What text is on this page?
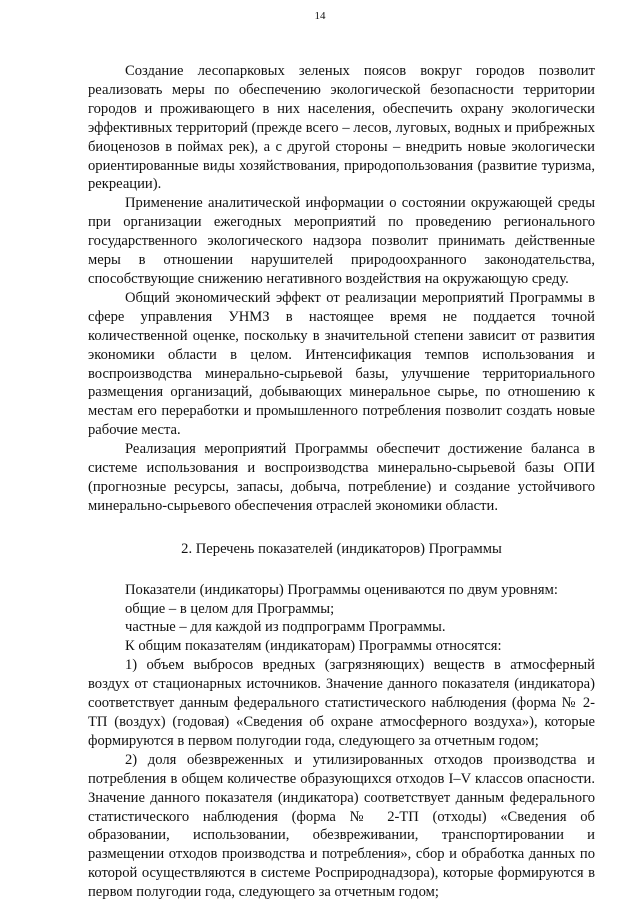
14

Создание лесопарковых зеленых поясов вокруг городов позволит реализовать меры по обеспечению экологической безопасности территории городов и проживающего в них населения, обеспечить охрану экологически эффективных территорий (прежде всего – лесов, луговых, водных и прибрежных биоценозов в поймах рек), а с другой стороны – внедрить новые экологически ориентированные виды хозяйствования, природопользования (развитие туризма, рекреации).

Применение аналитической информации о состоянии окружающей среды при организации ежегодных мероприятий по проведению регионального государственного экологического надзора позволит принимать действенные меры в отношении нарушителей природоохранного законодательства, способствующие снижению негативного воздействия на окружающую среду.

Общий экономический эффект от реализации мероприятий Программы в сфере управления УНМЗ в настоящее время не поддается точной количественной оценке, поскольку в значительной степени зависит от развития экономики области в целом. Интенсификация темпов использования и воспроизводства минерально-сырьевой базы, улучшение территориального размещения организаций, добывающих минеральное сырье, по отношению к местам его переработки и промышленного потребления позволит создать новые рабочие места.

Реализация мероприятий Программы обеспечит достижение баланса в системе использования и воспроизводства минерально-сырьевой базы ОПИ (прогнозные ресурсы, запасы, добыча, потребление) и создание устойчивого минерально-сырьевого обеспечения отраслей экономики области.

2. Перечень показателей (индикаторов) Программы

Показатели (индикаторы) Программы оцениваются по двум уровням:

общие – в целом для Программы;

частные – для каждой из подпрограмм Программы.

К общим показателям (индикаторам) Программы относятся:

1) объем выбросов вредных (загрязняющих) веществ в атмосферный воздух от стационарных источников. Значение данного показателя (индикатора) соответствует данным федерального статистического наблюдения (форма № 2-ТП (воздух) (годовая) «Сведения об охране атмосферного воздуха»), которые формируются в первом полугодии года, следующего за отчетным годом;

2) доля обезвреженных и утилизированных отходов производства и потребления в общем количестве образующихся отходов I–V классов опасности. Значение данного показателя (индикатора) соответствует данным федерального статистического наблюдения (форма № 2-ТП (отходы) «Сведения об образовании, использовании, обезвреживании, транспортировании и размещении отходов производства и потребления», сбор и обработка данных по которой осуществляются в системе Росприроднадзора), которые формируются в первом полугодии года, следующего за отчетным годом;
